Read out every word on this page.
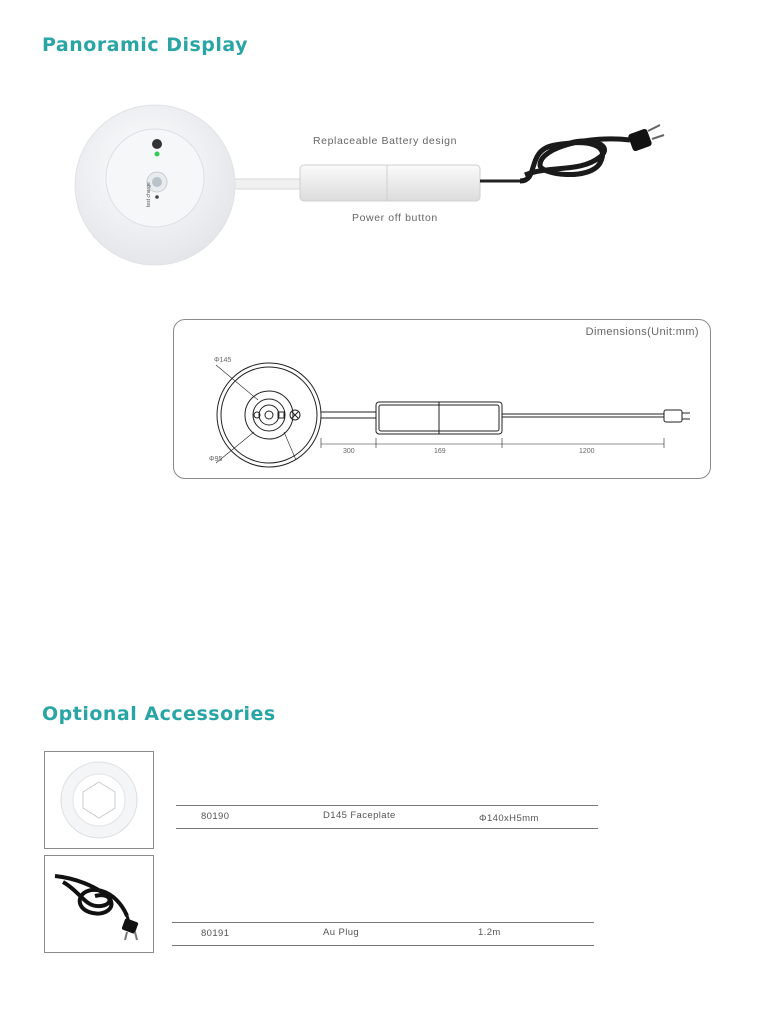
Panoramic Display
Replaceable Battery design
Power off button
test charge
Dimensions(Unit:mm)
Φ145
Φ95
300	169	1200
Optional Accessories
80190	D145 Faceplate	Φ140xH5mm
80191	Au Plug	1.2m
